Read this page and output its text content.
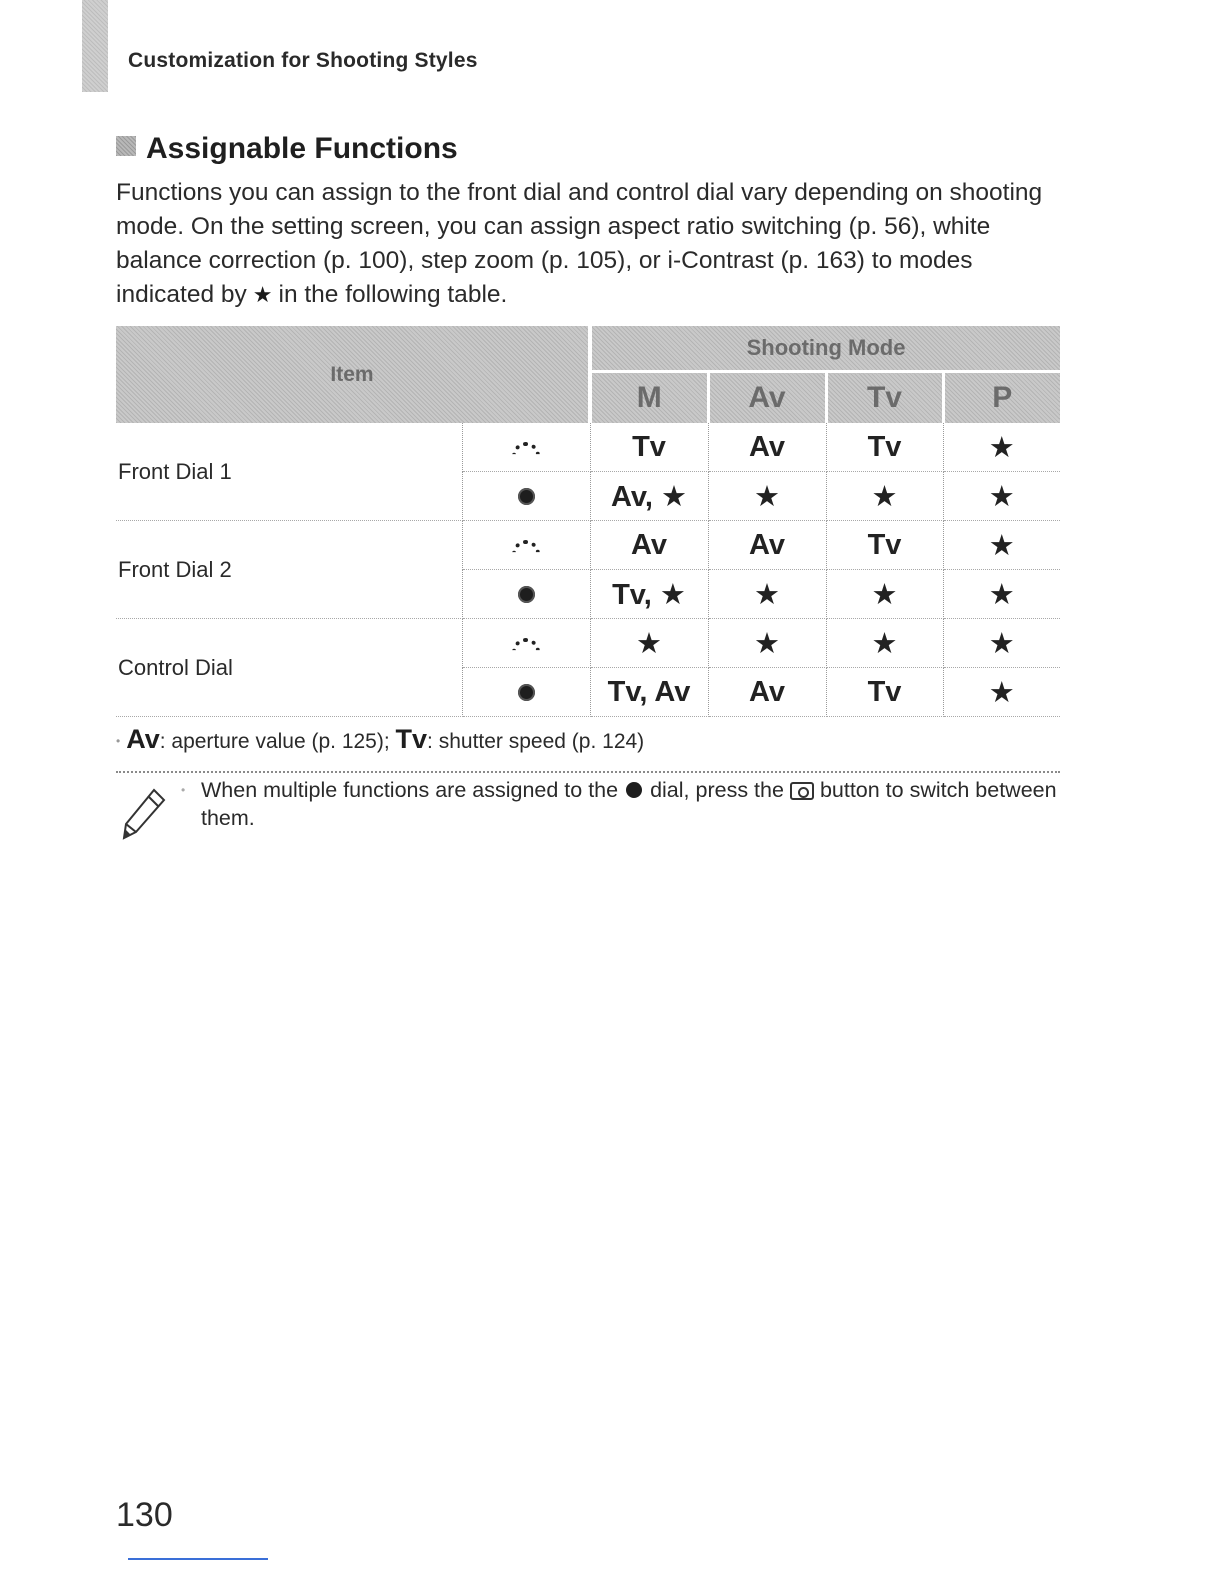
Customization for Shooting Styles
Assignable Functions
Functions you can assign to the front dial and control dial vary depending on shooting mode. On the setting screen, you can assign aspect ratio switching (p. 56), white balance correction (p. 100), step zoom (p. 105), or i-Contrast (p. 163) to modes indicated by ★ in the following table.
Item		Shooting Mode			
		M	Av	Tv	P
Front Dial 1		Tv	Av	Tv	★
		Av, ★	★	★	★
Front Dial 2		Av	Av	Tv	★
		Tv, ★	★	★	★
Control Dial		★	★	★	★
		Tv, Av	Av	Tv	★
• Av: aperture value (p. 125); Tv: shutter speed (p. 124)
• When multiple functions are assigned to the dial, press the button to switch between them.
130
